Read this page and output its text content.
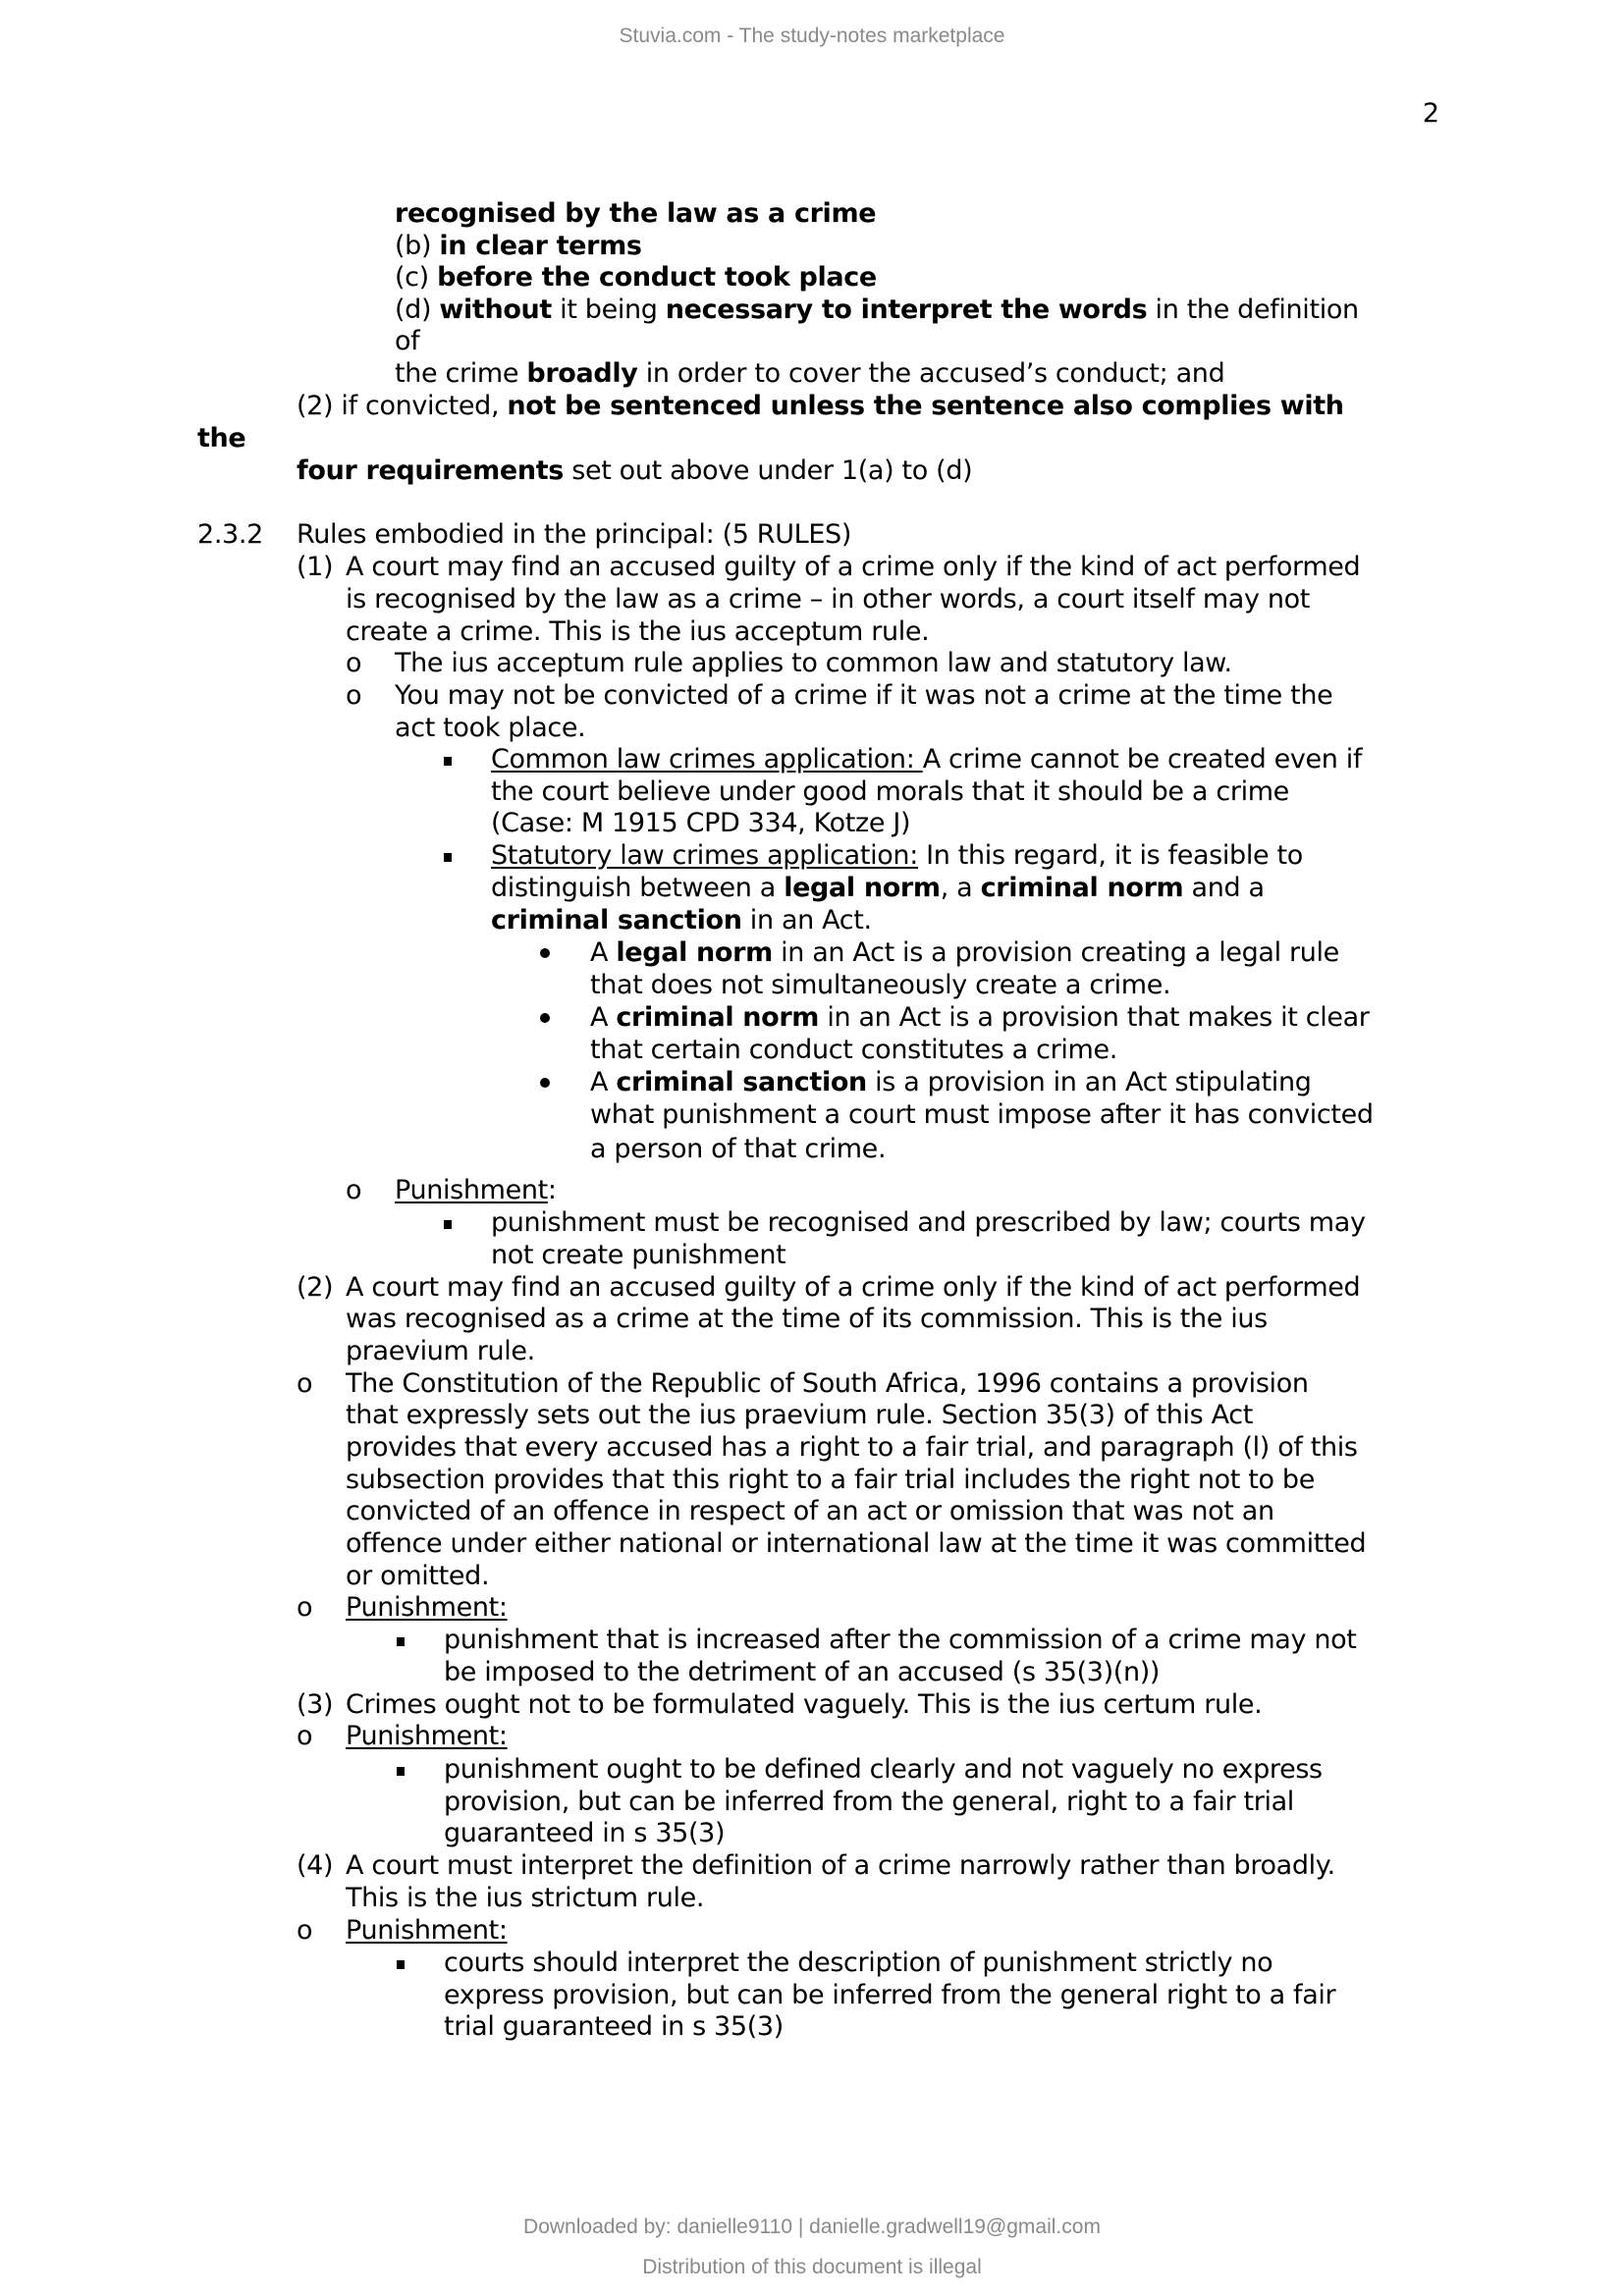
Stuvia.com - The study-notes marketplace
2
recognised by the law as a crime
(b) in clear terms
(c) before the conduct took place
(d) without it being necessary to interpret the words in the definition
of
the crime broadly in order to cover the accused’s conduct; and
(2) if convicted, not be sentenced unless the sentence also complies with
the
four requirements set out above under 1(a) to (d)
2.3.2 Rules embodied in the principal: (5 RULES)
(1) A court may find an accused guilty of a crime only if the kind of act performed
is recognised by the law as a crime – in other words, a court itself may not
create a crime. This is the ius acceptum rule.
o The ius acceptum rule applies to common law and statutory law.
o You may not be convicted of a crime if it was not a crime at the time the
act took place.
Common law crimes application: A crime cannot be created even if
the court believe under good morals that it should be a crime
(Case: M 1915 CPD 334, Kotze J)
Statutory law crimes application: In this regard, it is feasible to
distinguish between a legal norm, a criminal norm and a
criminal sanction in an Act.
A legal norm in an Act is a provision creating a legal rule
that does not simultaneously create a crime.
A criminal norm in an Act is a provision that makes it clear
that certain conduct constitutes a crime.
A criminal sanction is a provision in an Act stipulating
what punishment a court must impose after it has convicted
a person of that crime.
o Punishment:
punishment must be recognised and prescribed by law; courts may
not create punishment
(2) A court may find an accused guilty of a crime only if the kind of act performed
was recognised as a crime at the time of its commission. This is the ius
praevium rule.
o The Constitution of the Republic of South Africa, 1996 contains a provision
that expressly sets out the ius praevium rule. Section 35(3) of this Act
provides that every accused has a right to a fair trial, and paragraph (l) of this
subsection provides that this right to a fair trial includes the right not to be
convicted of an offence in respect of an act or omission that was not an
offence under either national or international law at the time it was committed
or omitted.
o Punishment:
punishment that is increased after the commission of a crime may not
be imposed to the detriment of an accused (s 35(3)(n))
(3) Crimes ought not to be formulated vaguely. This is the ius certum rule.
o Punishment:
punishment ought to be defined clearly and not vaguely no express
provision, but can be inferred from the general, right to a fair trial
guaranteed in s 35(3)
(4) A court must interpret the definition of a crime narrowly rather than broadly.
This is the ius strictum rule.
o Punishment:
courts should interpret the description of punishment strictly no
express provision, but can be inferred from the general right to a fair
trial guaranteed in s 35(3)
Downloaded by: danielle9110 | danielle.gradwell19@gmail.com
Distribution of this document is illegal
